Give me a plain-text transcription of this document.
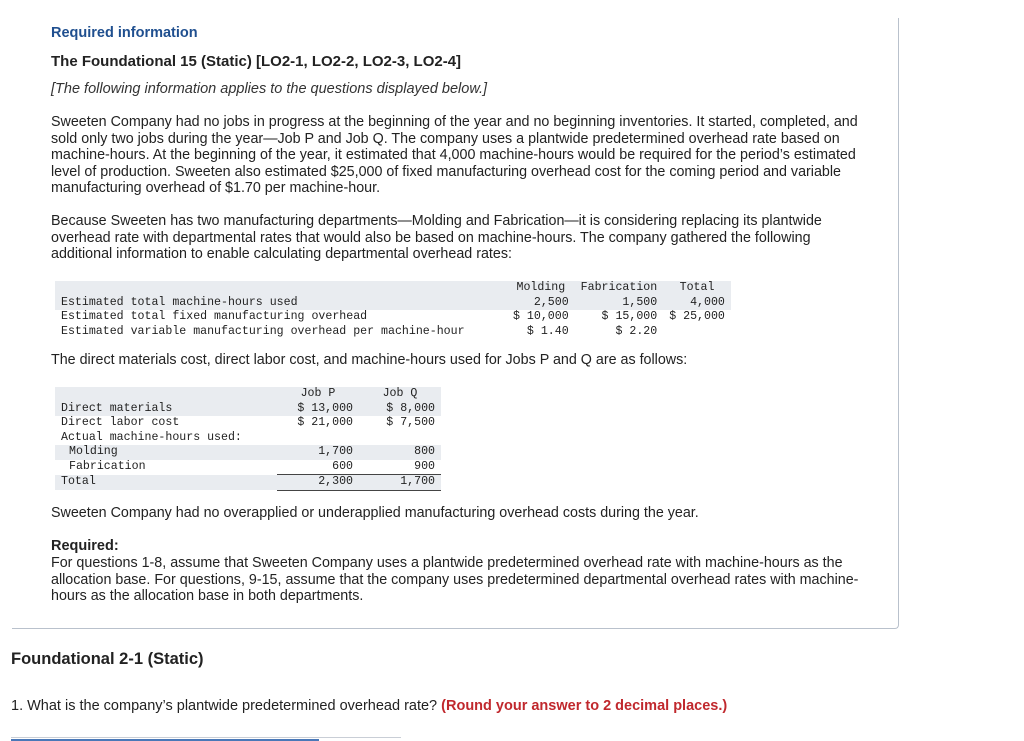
Required information
The Foundational 15 (Static) [LO2-1, LO2-2, LO2-3, LO2-4]
[The following information applies to the questions displayed below.]

Sweeten Company had no jobs in progress at the beginning of the year and no beginning inventories. It started, completed, and sold only two jobs during the year—Job P and Job Q. The company uses a plantwide predetermined overhead rate based on machine-hours. At the beginning of the year, it estimated that 4,000 machine-hours would be required for the period’s estimated level of production. Sweeten also estimated $25,000 of fixed manufacturing overhead cost for the coming period and variable manufacturing overhead of $1.70 per machine-hour.

Because Sweeten has two manufacturing departments—Molding and Fabrication—it is considering replacing its plantwide overhead rate with departmental rates that would also be based on machine-hours. The company gathered the following additional information to enable calculating departmental overhead rates:

	Molding	Fabrication	Total
Estimated total machine-hours used	2,500	1,500	4,000
Estimated total fixed manufacturing overhead	$ 10,000	$ 15,000	$ 25,000
Estimated variable manufacturing overhead per machine-hour	$ 1.40	$ 2.20	

The direct materials cost, direct labor cost, and machine-hours used for Jobs P and Q are as follows:

	Job P	Job Q
Direct materials	$ 13,000	$ 8,000
Direct labor cost	$ 21,000	$ 7,500
Actual machine-hours used:		
Molding	1,700	800
Fabrication	600	900
Total	2,300	1,700

Sweeten Company had no overapplied or underapplied manufacturing overhead costs during the year.

Required:

For questions 1-8, assume that Sweeten Company uses a plantwide predetermined overhead rate with machine-hours as the allocation base. For questions, 9-15, assume that the company uses predetermined departmental overhead rates with machine-hours as the allocation base in both departments.

Foundational 2-1 (Static)
1. What is the company’s plantwide predetermined overhead rate? (Round your answer to 2 decimal places.)
